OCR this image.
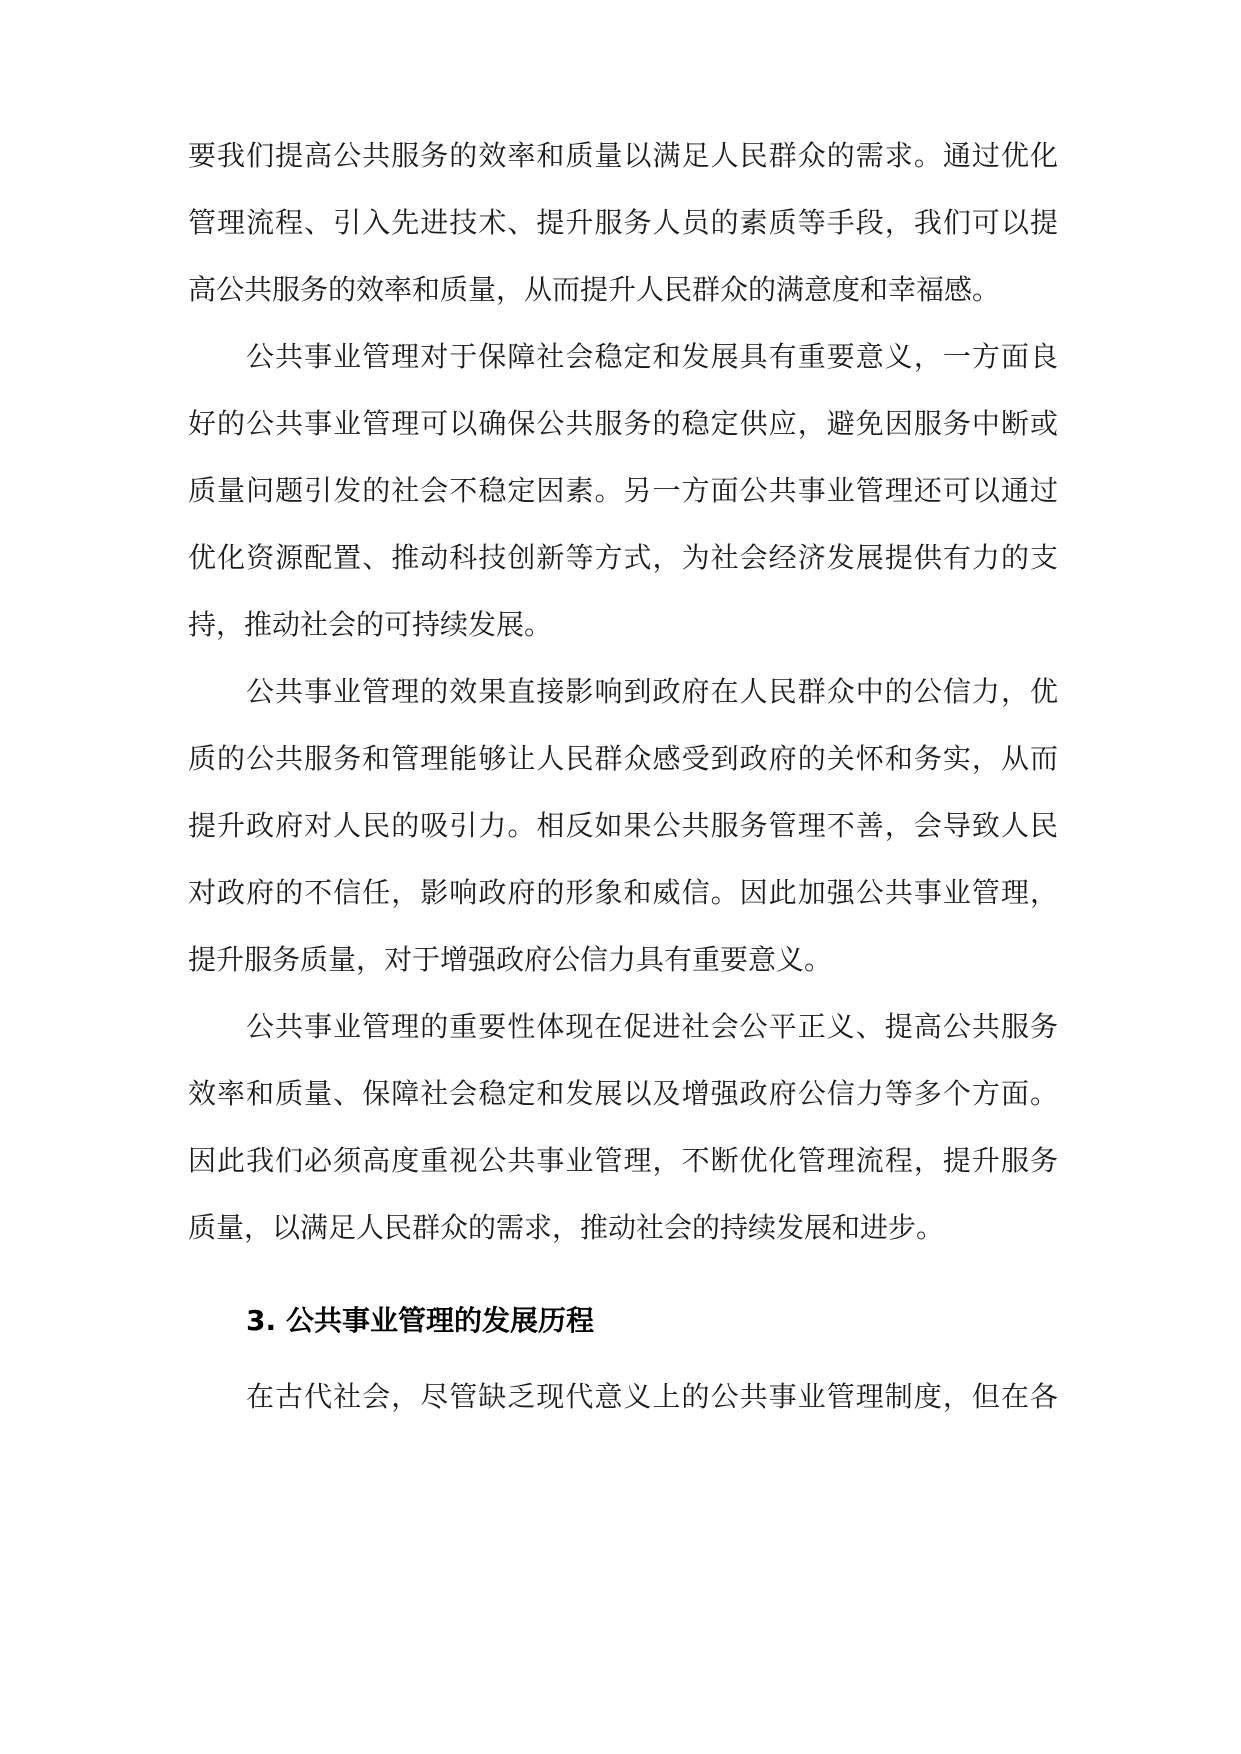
要我们提高公共服务的效率和质量以满足人民群众的需求。通过优化
管理流程、引入先进技术、提升服务人员的素质等手段，我们可以提
高公共服务的效率和质量，从而提升人民群众的满意度和幸福感。
公共事业管理对于保障社会稳定和发展具有重要意义，一方面良
好的公共事业管理可以确保公共服务的稳定供应，避免因服务中断或
质量问题引发的社会不稳定因素。另一方面公共事业管理还可以通过
优化资源配置、推动科技创新等方式，为社会经济发展提供有力的支
持，推动社会的可持续发展。
公共事业管理的效果直接影响到政府在人民群众中的公信力，优
质的公共服务和管理能够让人民群众感受到政府的关怀和务实，从而
提升政府对人民的吸引力。相反如果公共服务管理不善，会导致人民
对政府的不信任，影响政府的形象和威信。因此加强公共事业管理，
提升服务质量，对于增强政府公信力具有重要意义。
公共事业管理的重要性体现在促进社会公平正义、提高公共服务
效率和质量、保障社会稳定和发展以及增强政府公信力等多个方面。
因此我们必须高度重视公共事业管理，不断优化管理流程，提升服务
质量，以满足人民群众的需求，推动社会的持续发展和进步。
3. 公共事业管理的发展历程
在古代社会，尽管缺乏现代意义上的公共事业管理制度，但在各
